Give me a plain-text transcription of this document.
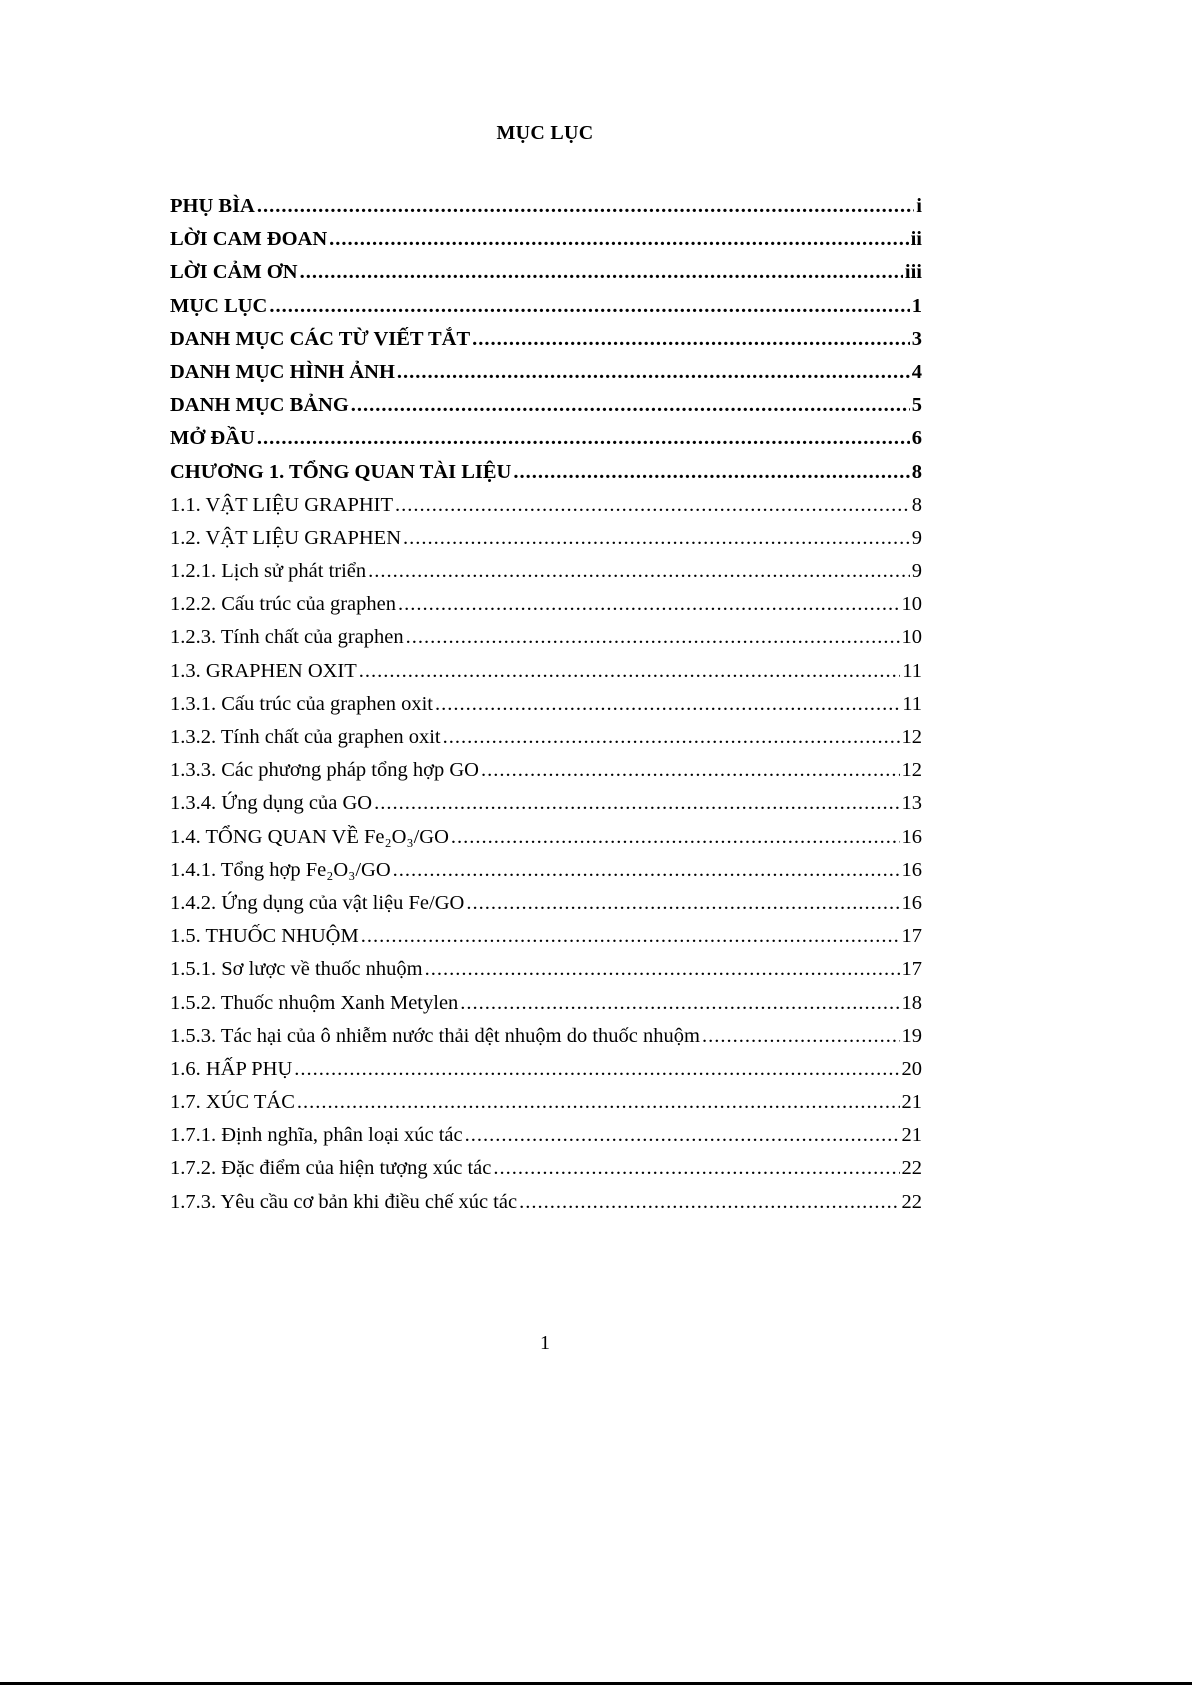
MỤC LỤC
PHỤ BÌA .....	i
LỜI CAM ĐOAN .....	ii
LỜI CẢM ƠN .....	iii
MỤC LỤC .....	1
DANH MỤC CÁC TỪ VIẾT TẮT .....	3
DANH MỤC HÌNH ẢNH .....	4
DANH MỤC BẢNG .....	5
MỞ ĐẦU .....	6
CHƯƠNG 1. TỔNG QUAN TÀI LIỆU .....	8
1.1. VẬT LIỆU GRAPHIT .....	8
1.2. VẬT LIỆU GRAPHEN .....	9
1.2.1. Lịch sử phát triển .....	9
1.2.2. Cấu trúc của graphen .....	10
1.2.3. Tính chất của graphen .....	10
1.3. GRAPHEN OXIT .....	11
1.3.1. Cấu trúc của graphen oxit .....	11
1.3.2. Tính chất của graphen oxit .....	12
1.3.3. Các phương pháp tổng hợp GO .....	12
1.3.4. Ứng dụng của GO .....	13
1.4. TỔNG QUAN VỀ Fe₂O₃/GO .....	16
1.4.1. Tổng hợp Fe₂O₃/GO .....	16
1.4.2. Ứng dụng của vật liệu Fe/GO .....	16
1.5. THUỐC NHUỘM .....	17
1.5.1. Sơ lược về thuốc nhuộm .....	17
1.5.2. Thuốc nhuộm Xanh Metylen .....	18
1.5.3. Tác hại của ô nhiễm nước thải dệt nhuộm do thuốc nhuộm .....	19
1.6. HẤP PHỤ .....	20
1.7. XÚC TÁC .....	21
1.7.1. Định nghĩa, phân loại xúc tác .....	21
1.7.2. Đặc điểm của hiện tượng xúc tác .....	22
1.7.3. Yêu cầu cơ bản khi điều chế xúc tác .....	22
1
